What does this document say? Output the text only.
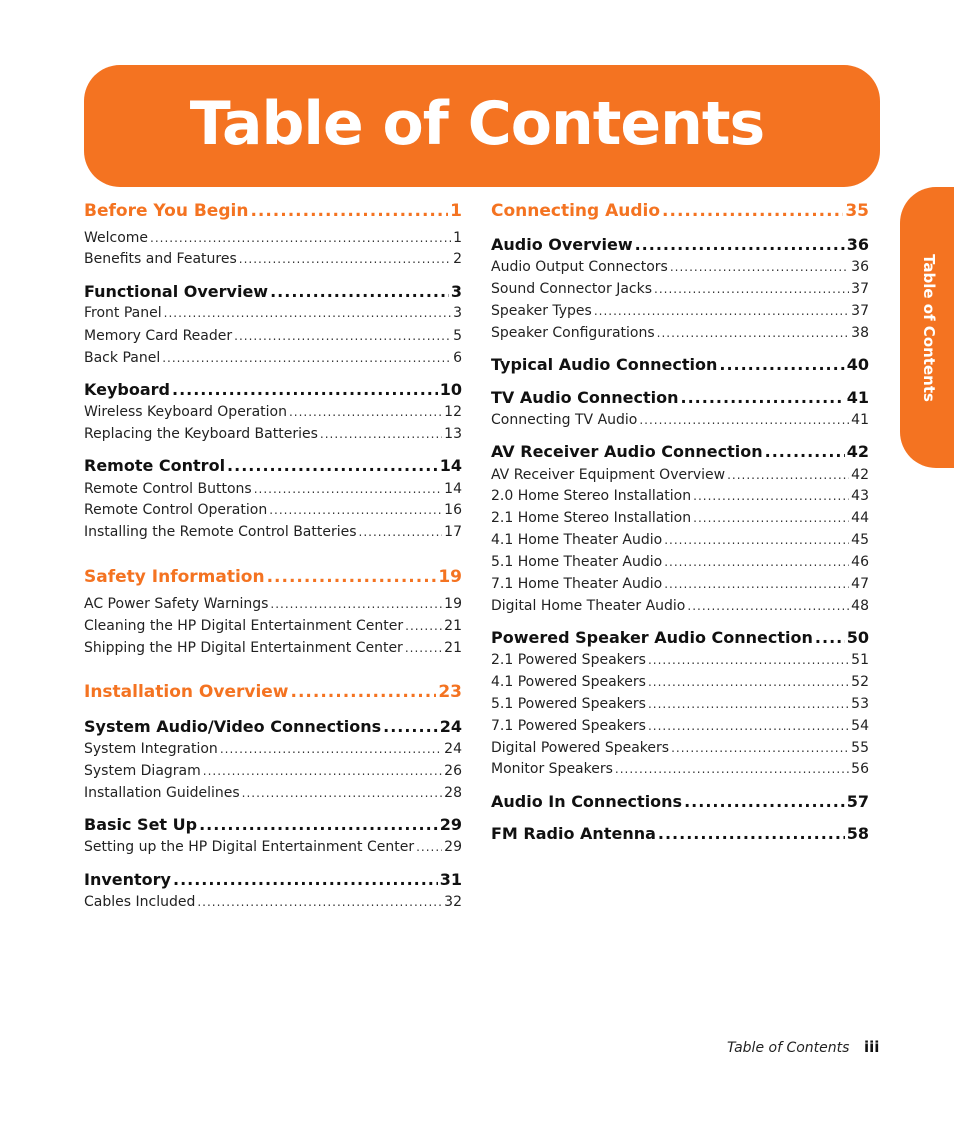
Table of Contents
Table of Contents
Before You Begin .....	1
Welcome .....	1
Benefits and Features .....	2
Functional Overview .....	3
Front Panel .....	3
Memory Card Reader .....	5
Back Panel .....	6
Keyboard .....	10
Wireless Keyboard Operation .....	12
Replacing the Keyboard Batteries .....	13
Remote Control .....	14
Remote Control Buttons .....	14
Remote Control Operation .....	16
Installing the Remote Control Batteries .....	17
Safety Information .....	19
AC Power Safety Warnings .....	19
Cleaning the HP Digital Entertainment Center .....	21
Shipping the HP Digital Entertainment Center .....	21
Installation Overview .....	23
System Audio/Video Connections .....	24
System Integration .....	24
System Diagram .....	26
Installation Guidelines .....	28
Basic Set Up .....	29
Setting up the HP Digital Entertainment Center ..... 29
Inventory .....	31
Cables Included .....	32
Connecting Audio .....	35
Audio Overview .....	36
Audio Output Connectors .....	36
Sound Connector Jacks .....	37
Speaker Types .....	37
Speaker Configurations .....	38
Typical Audio Connection .....	40
TV Audio Connection .....	41
Connecting TV Audio .....	41
AV Receiver Audio Connection .....	42
AV Receiver Equipment Overview .....	42
2.0 Home Stereo Installation .....	43
2.1 Home Stereo Installation .....	44
4.1 Home Theater Audio .....	45
5.1 Home Theater Audio .....	46
7.1 Home Theater Audio .....	47
Digital Home Theater Audio .....	48
Powered Speaker Audio Connection ..... 50
2.1 Powered Speakers .....	51
4.1 Powered Speakers .....	52
5.1 Powered Speakers .....	53
7.1 Powered Speakers .....	54
Digital Powered Speakers .....	55
Monitor Speakers .....	56
Audio In Connections .....	57
FM Radio Antenna .....	58
Table of Contents iii
